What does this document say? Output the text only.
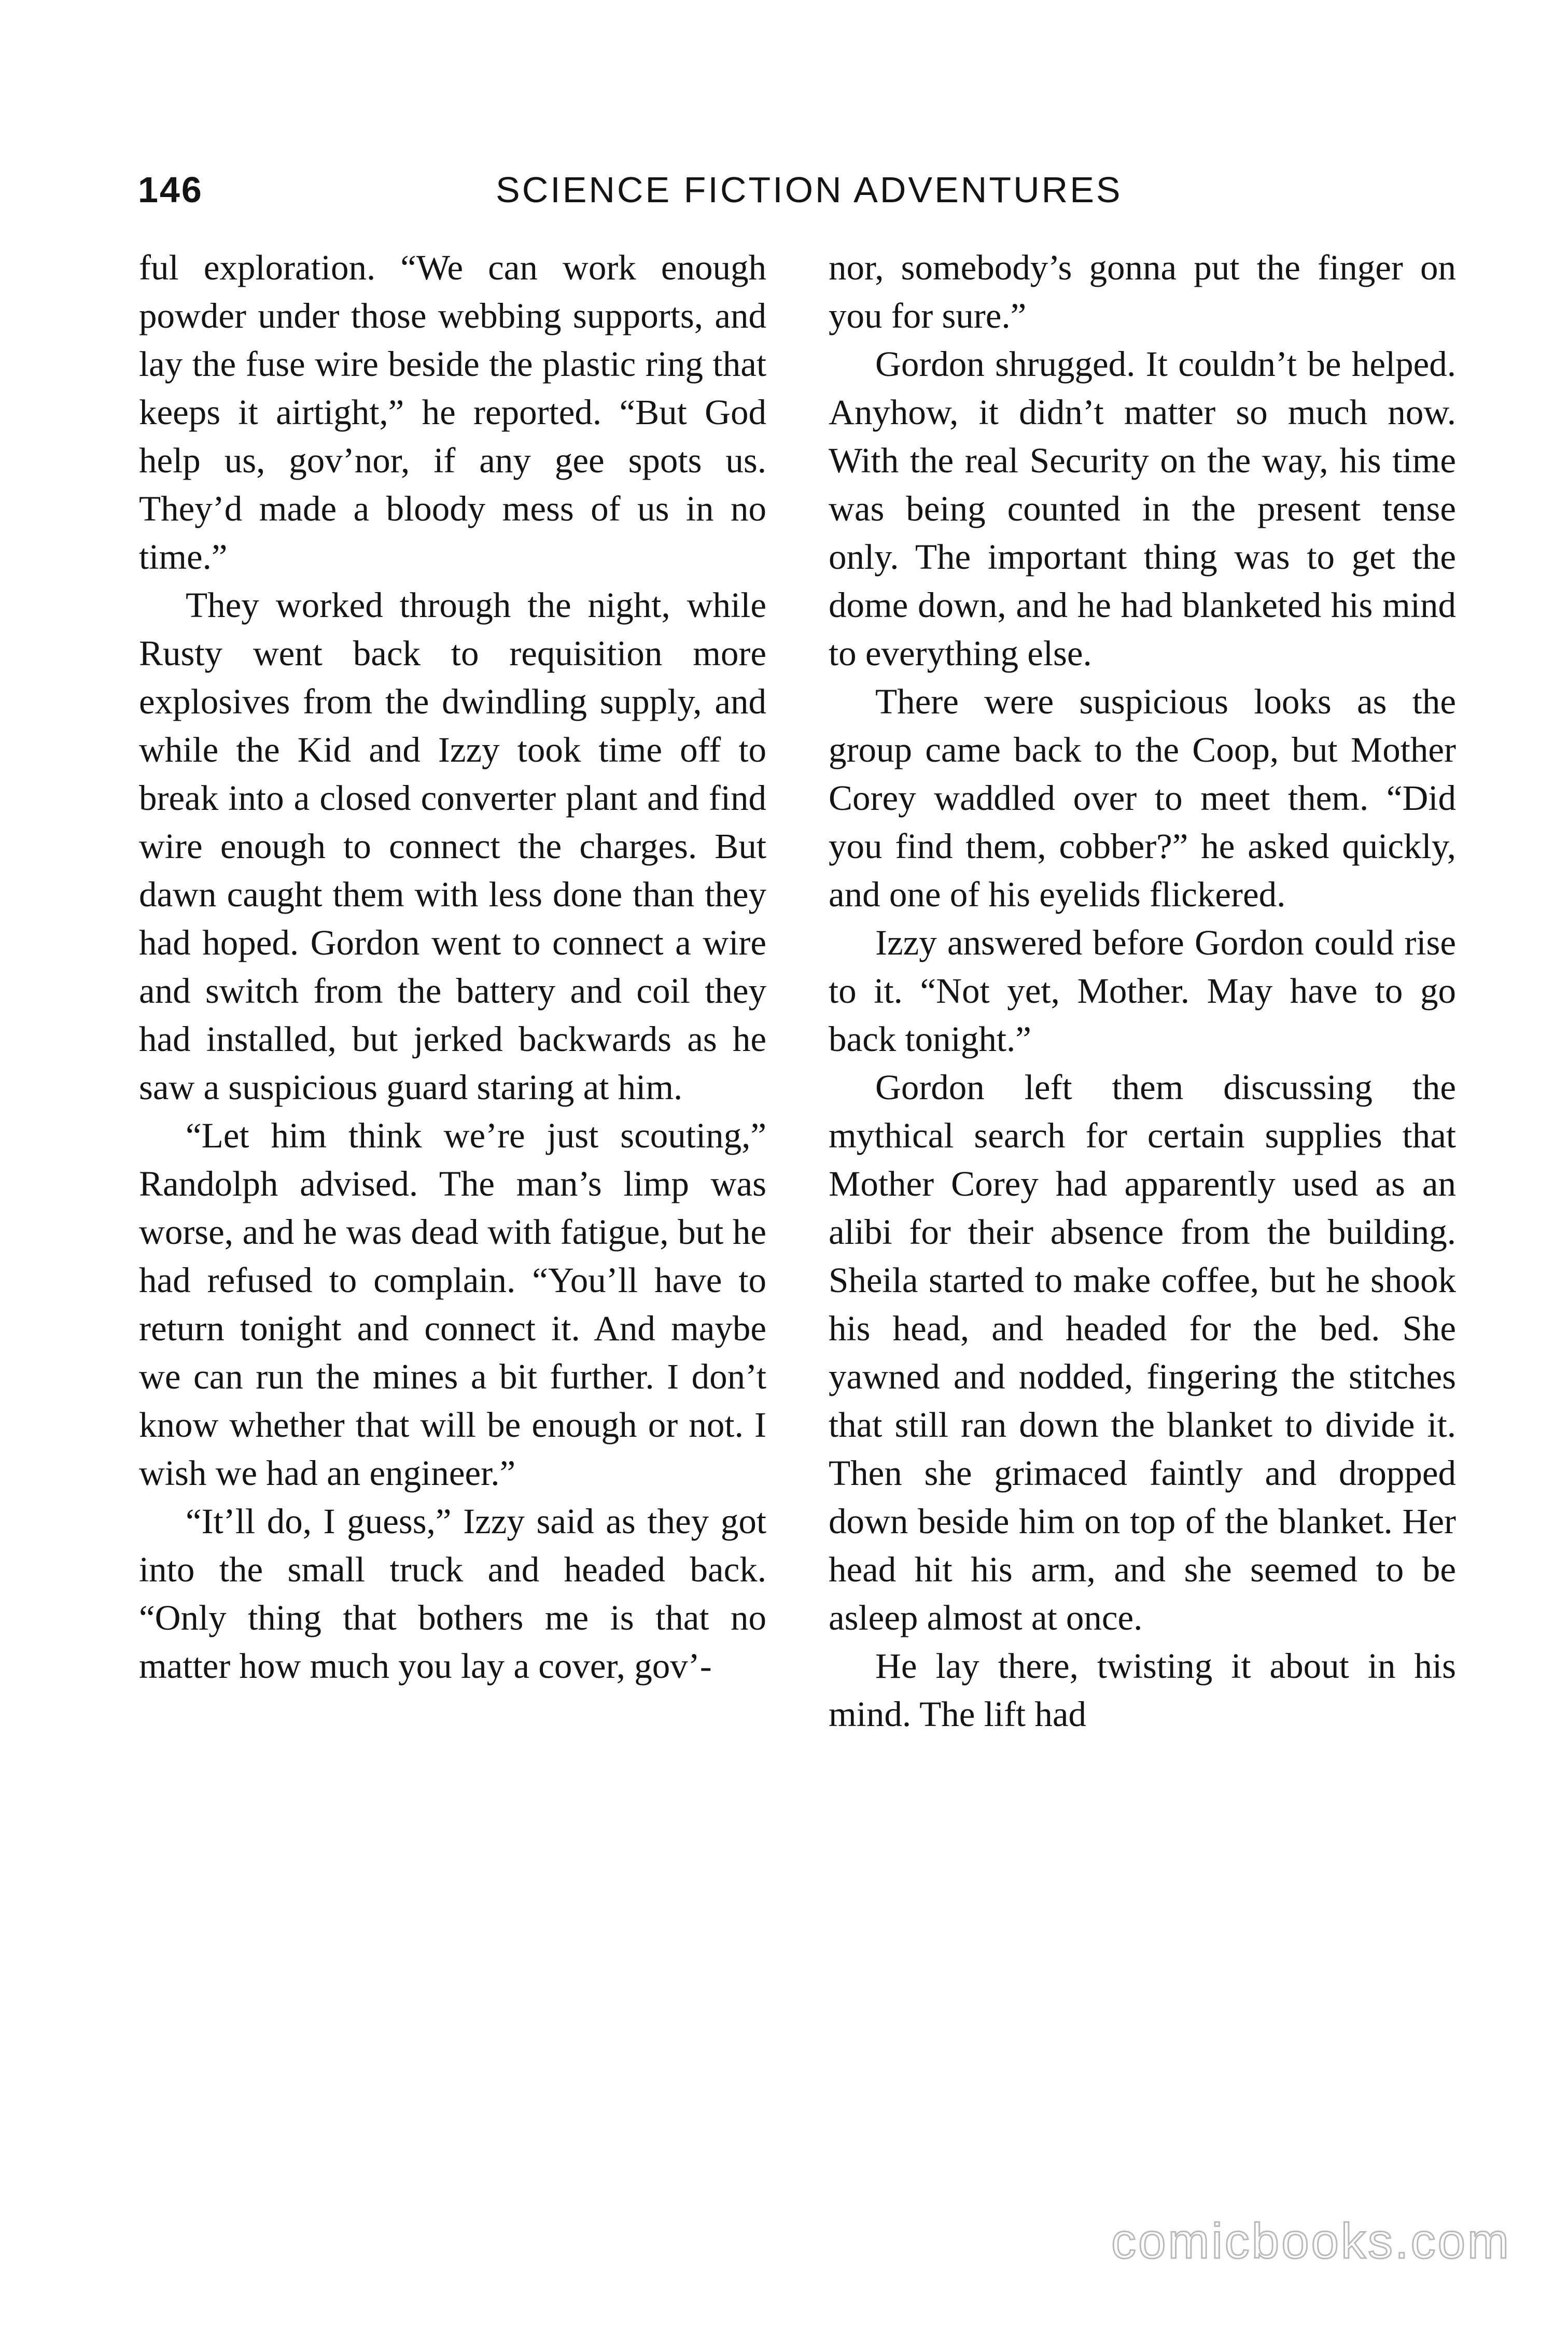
146	SCIENCE FICTION ADVENTURES

ful exploration. “We can work enough powder under those webbing supports, and lay the fuse wire beside the plastic ring that keeps it airtight,” he reported. “But God help us, gov’nor, if any gee spots us. They’d made a bloody mess of us in no time.”

They worked through the night, while Rusty went back to requisition more explosives from the dwindling supply, and while the Kid and Izzy took time off to break into a closed converter plant and find wire enough to connect the charges. But dawn caught them with less done than they had hoped. Gordon went to connect a wire and switch from the battery and coil they had installed, but jerked backwards as he saw a suspicious guard staring at him.

“Let him think we’re just scouting,” Randolph advised. The man’s limp was worse, and he was dead with fatigue, but he had refused to complain. “You’ll have to return tonight and connect it. And maybe we can run the mines a bit further. I don’t know whether that will be enough or not. I wish we had an engineer.”

“It’ll do, I guess,” Izzy said as they got into the small truck and headed back. “Only thing that bothers me is that no matter how much you lay a cover, gov’-

nor, somebody’s gonna put the finger on you for sure.”

Gordon shrugged. It couldn’t be helped. Anyhow, it didn’t matter so much now. With the real Security on the way, his time was being counted in the present tense only. The important thing was to get the dome down, and he had blanketed his mind to everything else.

There were suspicious looks as the group came back to the Coop, but Mother Corey waddled over to meet them. “Did you find them, cobber?” he asked quickly, and one of his eyelids flickered.

Izzy answered before Gordon could rise to it. “Not yet, Mother. May have to go back tonight.”

Gordon left them discussing the mythical search for certain supplies that Mother Corey had apparently used as an alibi for their absence from the building. Sheila started to make coffee, but he shook his head, and headed for the bed. She yawned and nodded, fingering the stitches that still ran down the blanket to divide it. Then she grimaced faintly and dropped down beside him on top of the blanket. Her head hit his arm, and she seemed to be asleep almost at once.

He lay there, twisting it about in his mind. The lift had

comicbooks.com
